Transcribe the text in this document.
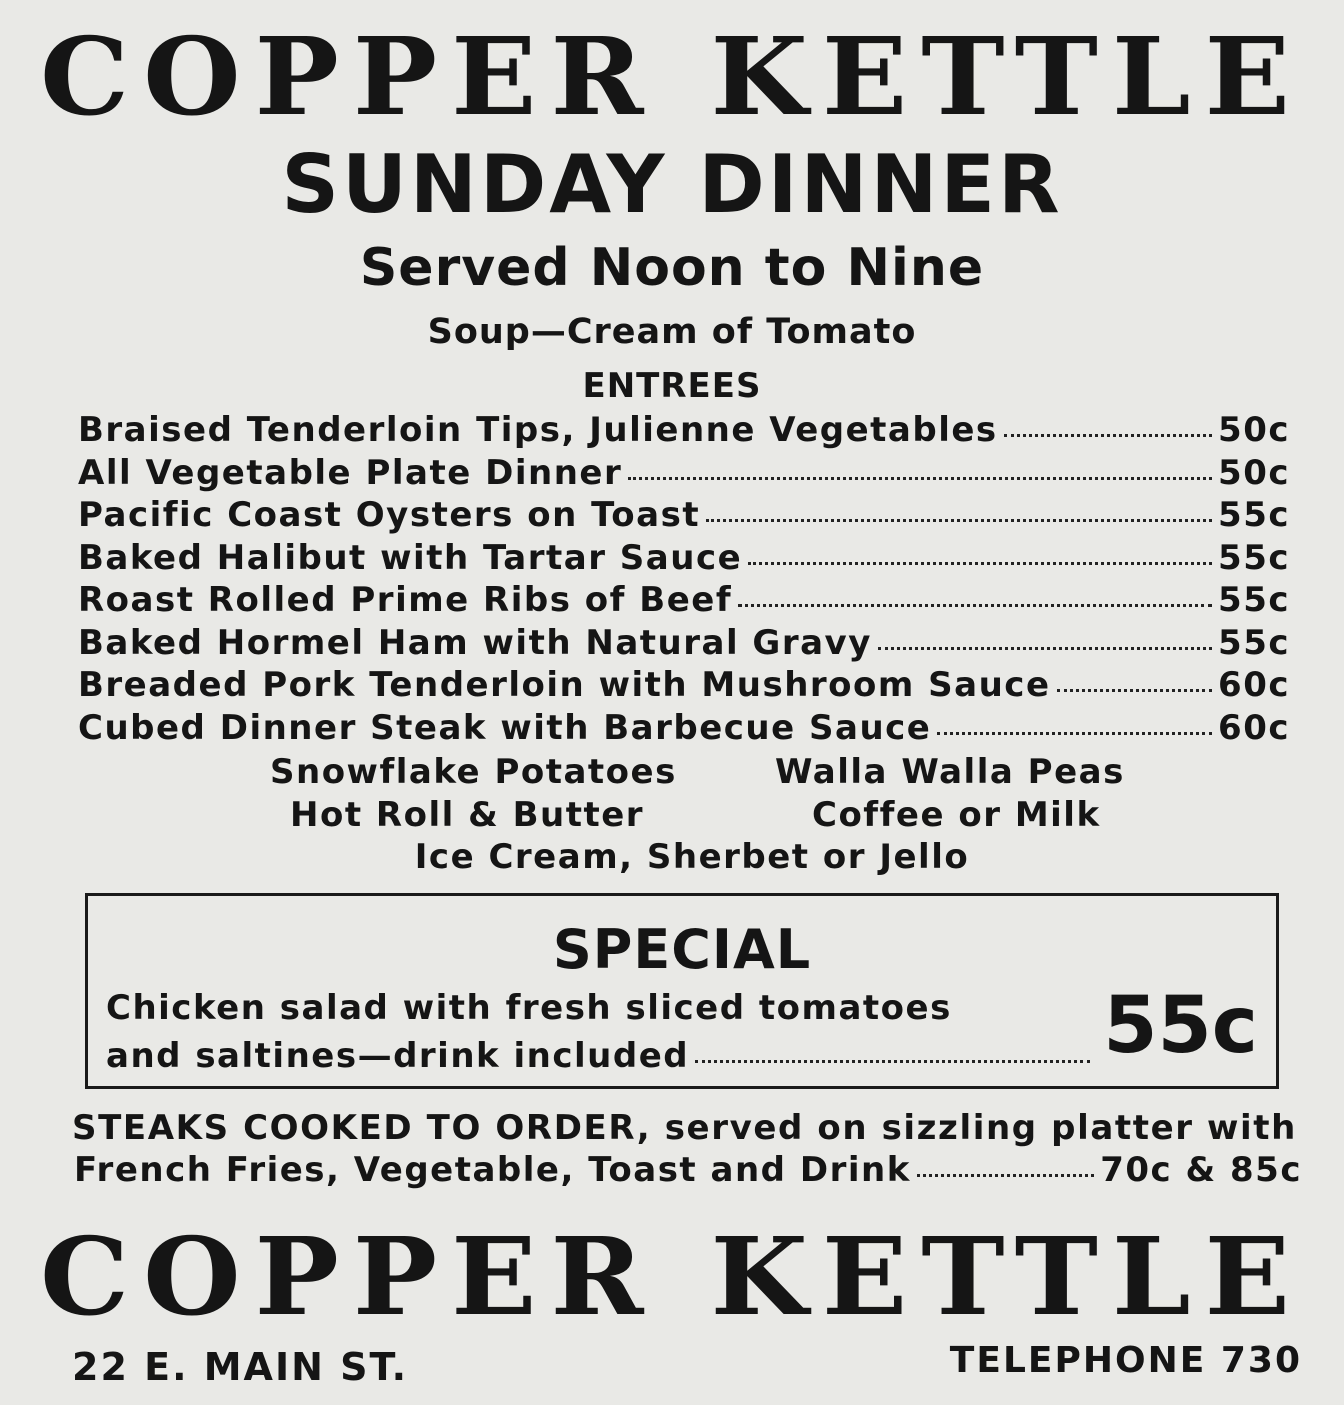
COPPER KETTLE
SUNDAY DINNER
Served Noon to Nine
Soup—Cream of Tomato
ENTREES
Braised Tenderloin Tips, Julienne Vegetables	50c
All Vegetable Plate Dinner	50c
Pacific Coast Oysters on Toast	55c
Baked Halibut with Tartar Sauce	55c
Roast Rolled Prime Ribs of Beef	55c
Baked Hormel Ham with Natural Gravy	55c
Breaded Pork Tenderloin with Mushroom Sauce	60c
Cubed Dinner Steak with Barbecue Sauce	60c
Snowflake Potatoes	Walla Walla Peas
Hot Roll & Butter	Coffee or Milk
Ice Cream, Sherbet or Jello
SPECIAL
Chicken salad with fresh sliced tomatoes
and saltines—drink included	55c
STEAKS COOKED TO ORDER, served on sizzling platter with
French Fries, Vegetable, Toast and Drink	70c & 85c
COPPER KETTLE
22 E. MAIN ST.	TELEPHONE 730
